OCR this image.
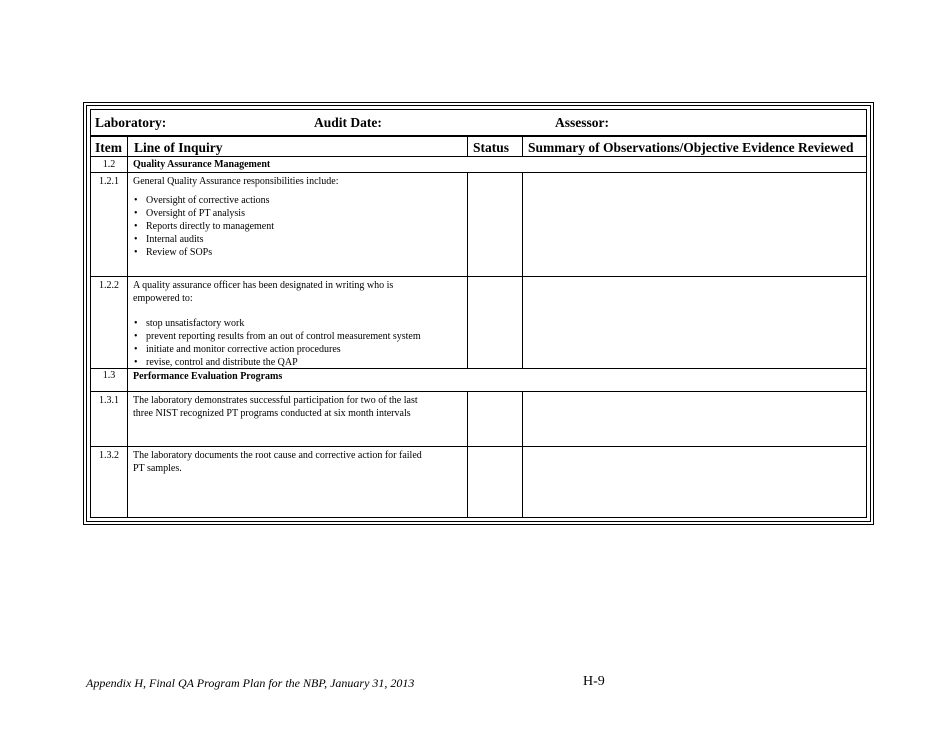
Laboratory:	Audit Date:	Assessor:
Item Line of Inquiry	Status Summary of Observations/Objective Evidence Reviewed
1.2	Quality Assurance Management
1.2.1	General Quality Assurance responsibilities include:
• Oversight of corrective actions
• Oversight of PT analysis
• Reports directly to management
• Internal audits
• Review of SOPs
1.2.2	A quality assurance officer has been designated in writing who is
empowered to:
• stop unsatisfactory work
• prevent reporting results from an out of control measurement system
• initiate and monitor corrective action procedures
• revise, control and distribute the QAP
1.3	Performance Evaluation Programs
1.3.1	The laboratory demonstrates successful participation for two of the last
three NIST recognized PT programs conducted at six month intervals
1.3.2	The laboratory documents the root cause and corrective action for failed
PT samples.
Appendix H, Final QA Program Plan for the NBP, January 31, 2013	H-9
